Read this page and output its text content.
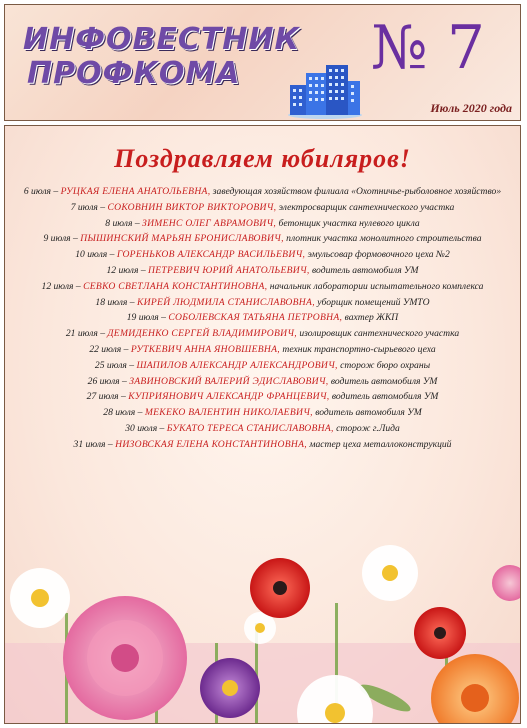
ИНФОВЕСТНИК
ПРОФКОМА	№ 7
Июль 2020 года
Поздравляем юбиляров!
6 июля – РУЦКАЯ ЕЛЕНА АНАТОЛЬЕВНА, заведующая хозяйством филиала «Охотничье-рыболовное хозяйство»
7 июля – СОКОВНИН ВИКТОР ВИКТОРОВИЧ, электросварщик сантехнического участка
8 июля – ЗИМЕНС ОЛЕГ АВРАМОВИЧ, бетонщик участка нулевого цикла
9 июля – ПЫШИНСКИЙ МАРЬЯН БРОНИСЛАВОВИЧ, плотник участка монолитного строительства
10 июля – ГОРЕНЬКОВ АЛЕКСАНДР ВАСИЛЬЕВИЧ, эмульсовар формовочного цеха №2
12 июля – ПЕТРЕВИЧ ЮРИЙ АНАТОЛЬЕВИЧ, водитель автомобиля УМ
12 июля – СЕВКО СВЕТЛАНА КОНСТАНТИНОВНА, начальник лаборатории испытательного комплекса
18 июля – КИРЕЙ ЛЮДМИЛА СТАНИСЛАВОВНА, уборщик помещений УМТО
19 июля – СОБОЛЕВСКАЯ ТАТЬЯНА ПЕТРОВНА, вахтер ЖКП
21 июля – ДЕМИДЕНКО СЕРГЕЙ ВЛАДИМИРОВИЧ, изолировщик сантехнического участка
22 июля – РУТКЕВИЧ АННА ЯНОВШЕВНА, техник транспортно-сырьевого цеха
25 июля – ШАПИЛОВ АЛЕКСАНДР АЛЕКСАНДРОВИЧ, сторож бюро охраны
26 июля – ЗАВИНОВСКИЙ ВАЛЕРИЙ ЭДИСЛАВОВИЧ, водитель автомобиля УМ
27 июля – КУПРИЯНОВИЧ АЛЕКСАНДР ФРАНЦЕВИЧ, водитель автомобиля УМ
28 июля – МЕКЕКО ВАЛЕНТИН НИКОЛАЕВИЧ, водитель автомобиля УМ
30 июля – БУКАТО ТЕРЕСА СТАНИСЛАВОВНА, сторож г.Лида
31 июля – НИЗОВСКАЯ ЕЛЕНА КОНСТАНТИНОВНА, мастер цеха металлоконструкций
